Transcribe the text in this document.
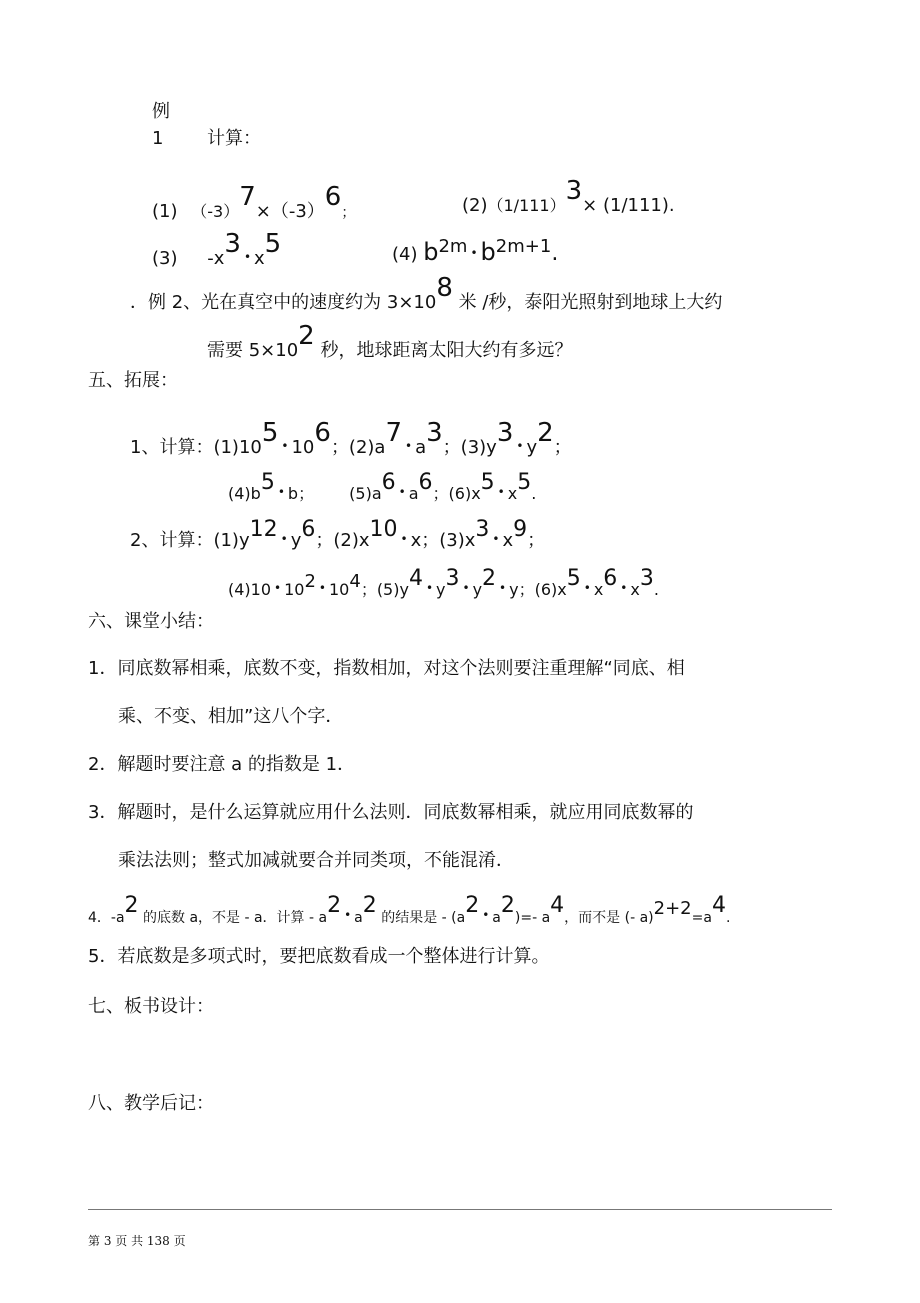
例
1 计算：
(1) （-3）7×（-3）6；	(2)（1/111）3× (1/111).
(3) -x3 • x5	(4) b2m • b2m+1.
．例 2、光在真空中的速度约为 3×108 米 /秒，泰阳光照射到地球上大约
需要 5×102 秒，地球距离太阳大约有多远？
五、拓展：
1、计算：(1)105 • 106；(2)a7 • a3；(3)y3 • y2；
(4)b5 • b； (5)a6 • a6；(6)x5 • x5.
2、计算：(1)y12 • y6；(2)x10 • x；(3)x3 • x9；
(4)10 • 102 • 104；(5)y4 • y3 • y2 • y；(6)x5 • x6 • x3.
六、课堂小结：
1．同底数幂相乘，底数不变，指数相加，对这个法则要注重理解“同底、相
乘、不变、相加”这八个字．
2．解题时要注意 a 的指数是 1．
3．解题时，是什么运算就应用什么法则．同底数幂相乘，就应用同底数幂的
乘法法则；整式加减就要合并同类项，不能混淆．
4．-a2 的底数 a，不是 - a．计算 - a2 • a2 的结果是 - (a2 • a2)=- a4，而不是 (- a)2+2=a4.
5．若底数是多项式时，要把底数看成一个整体进行计算。
七、板书设计：
八、教学后记：
第 3 页 共 138 页
